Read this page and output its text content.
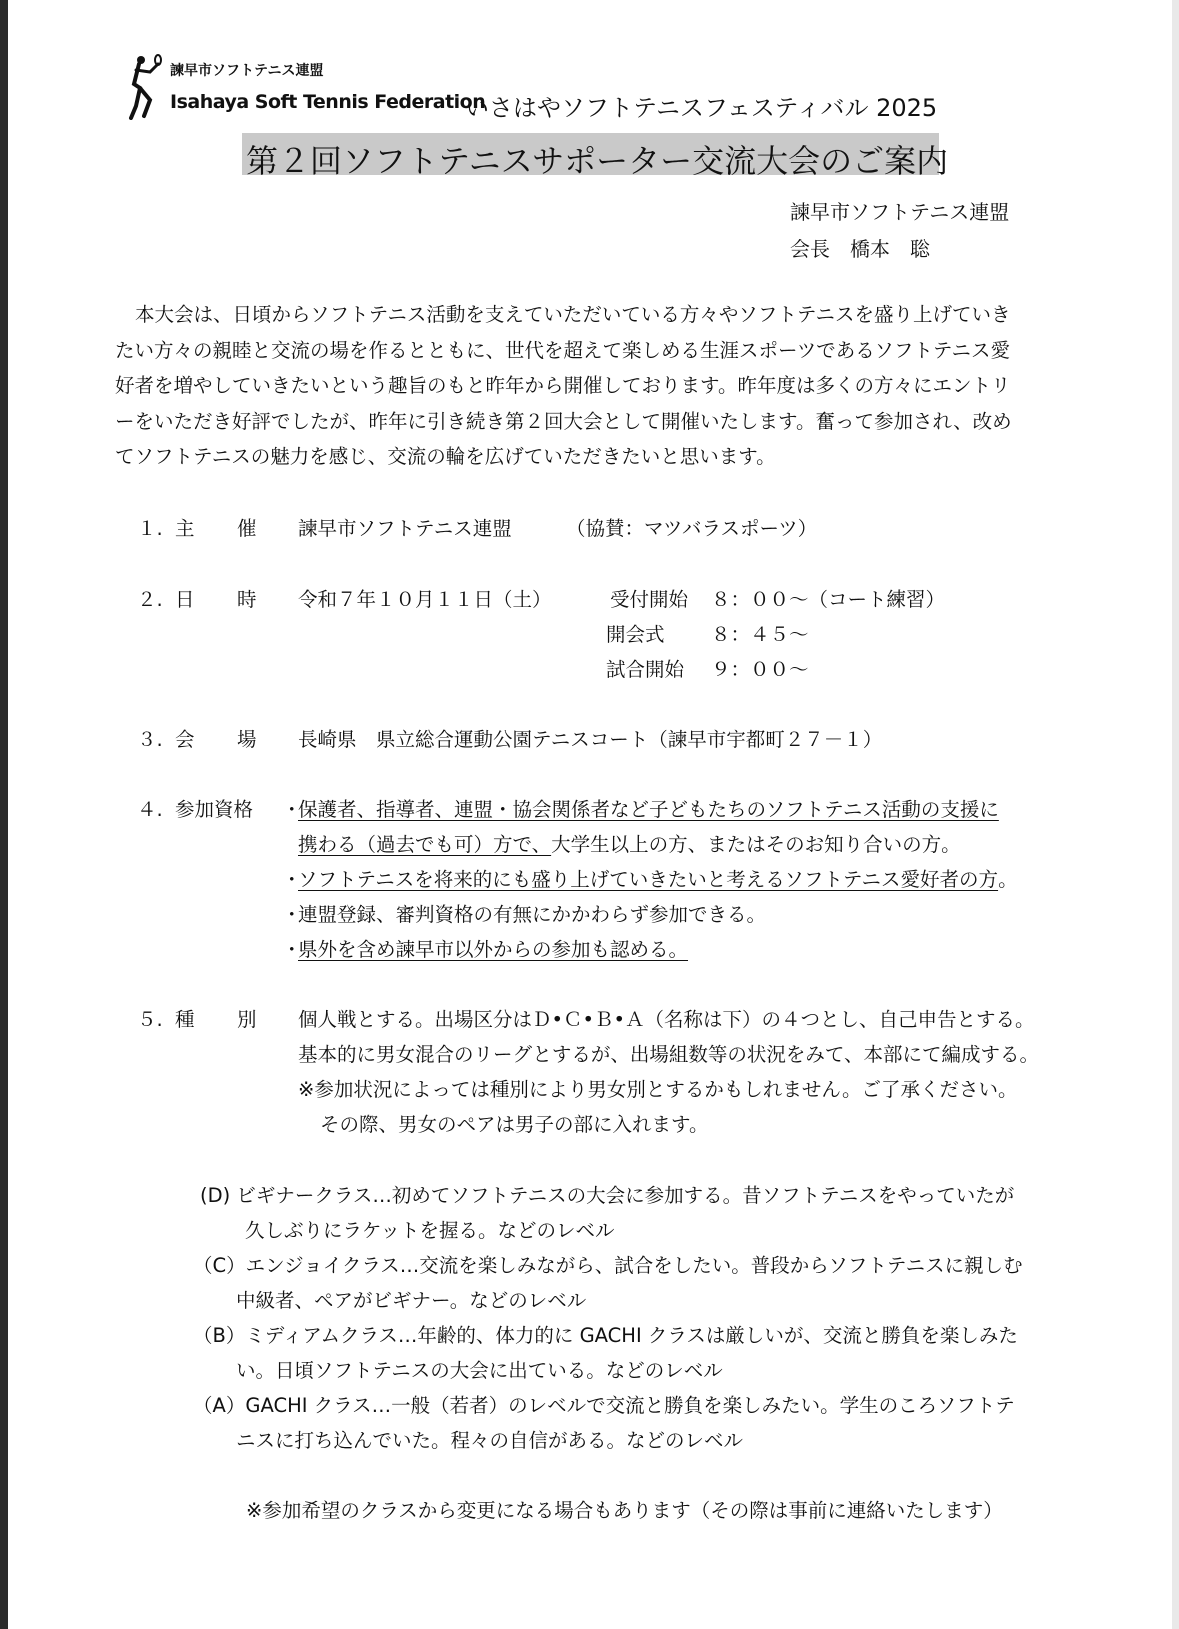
諫早市ソフトテニス連盟
Isahaya Soft Tennis Federation
いさはやソフトテニスフェスティバル 2025
第２回ソフトテニスサポーター交流大会のご案内
諫早市ソフトテニス連盟
会長　橋本　聡
本大会は、日頃からソフトテニス活動を支えていただいている方々やソフトテニスを盛り上げていき
たい方々の親睦と交流の場を作るとともに、世代を超えて楽しめる生涯スポーツであるソフトテニス愛
好者を増やしていきたいという趣旨のもと昨年から開催しております。昨年度は多くの方々にエントリ
ーをいただき好評でしたが、昨年に引き続き第２回大会として開催いたします。奮って参加され、改め
てソフトテニスの魅力を感じ、交流の輪を広げていただきたいと思います。
１. 主 催 諫早市ソフトテニス連盟	（協賛：マツバラスポーツ）
２. 日 時 令和７年１０月１１日（土）	受付開始 ８：００〜（コート練習）
開会式 ８：４５〜
試合開始 ９：００〜
３. 会 場 長崎県　県立総合運動公園テニスコート（諫早市宇都町２７－１）
４. 参加資格 ・
保護者、指導者、連盟・協会関係者など子どもたちのソフトテニス活動の支援に
携わる（過去でも可）方で、大学生以上の方、またはそのお知り合いの方。
・
ソフトテニスを将来的にも盛り上げていきたいと考えるソフトテニス愛好者の方。
・
連盟登録、審判資格の有無にかかわらず参加できる。
・
県外を含め諫早市以外からの参加も認める。
５. 種 別 個人戦とする。出場区分はＤ•Ｃ•Ｂ•Ａ（名称は下）の４つとし、自己申告とする。
基本的に男女混合のリーグとするが、出場組数等の状況をみて、本部にて編成する。
※参加状況によっては種別により男女別とするかもしれません。ご了承ください。
その際、男女のペアは男子の部に入れます。
(D) ビギナークラス…初めてソフトテニスの大会に参加する。昔ソフトテニスをやっていたが
久しぶりにラケットを握る。などのレベル
（C）エンジョイクラス…交流を楽しみながら、試合をしたい。普段からソフトテニスに親しむ
中級者、ペアがビギナー。などのレベル
（B）ミディアムクラス…年齢的、体力的に GACHI クラスは厳しいが、交流と勝負を楽しみた
い。日頃ソフトテニスの大会に出ている。などのレベル
（A）GACHI クラス…一般（若者）のレベルで交流と勝負を楽しみたい。学生のころソフトテ
ニスに打ち込んでいた。程々の自信がある。などのレベル
※参加希望のクラスから変更になる場合もあります（その際は事前に連絡いたします）
